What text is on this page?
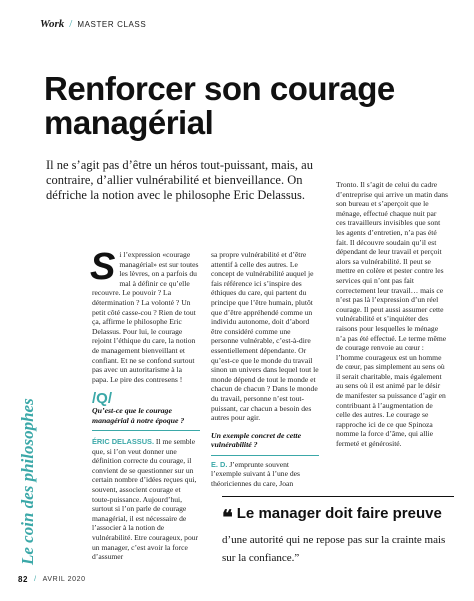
Work / MASTER CLASS
Renforcer son courage managérial

Il ne s’agit pas d’être un héros tout-puissant, mais, au contraire, d’allier vulnérabilité et bienveillance. On défriche la notion avec le philosophe Eric Delassus.

Le coin des philosophes

Si l’expression «courage managérial» est sur toutes les lèvres, on a parfois du mal à définir ce qu’elle recouvre. Le pouvoir ? La détermination ? La volonté ? Un petit côté casse-cou ? Rien de tout ça, affirme le philosophe Eric Delassus. Pour lui, le courage rejoint l’éthique du care, la notion de management bienveillant et confiant. Et ne se confond surtout pas avec un autoritarisme à la papa. Le pire des contresens !

/Q/
Qu’est-ce que le courage managérial à notre époque ?

ÉRIC DELASSUS. Il me semble que, si l’on veut donner une définition correcte du courage, il convient de se questionner sur un certain nombre d’idées reçues qui, souvent, associent courage et toute-puissance. Aujourd’hui, surtout si l’on parle de courage managérial, il est nécessaire de l’associer à la notion de vulnérabilité. Etre courageux, pour un manager, c’est avoir la force d’assumer

sa propre vulnérabilité et d’être attentif à celle des autres. Le concept de vulnérabilité auquel je fais référence ici s’inspire des éthiques du care, qui partent du principe que l’être humain, plutôt que d’être appréhendé comme un individu autonome, doit d’abord être considéré comme une personne vulnérable, c’est-à-dire essentiellement dépendante. Or qu’est-ce que le monde du travail sinon un univers dans lequel tout le monde dépend de tout le monde et chacun de chacun ? Dans le monde du travail, personne n’est tout-puissant, car chacun a besoin des autres pour agir.

Un exemple concret de cette vulnérabilité ?

E. D. J’emprunte souvent l’exemple suivant à l’une des théoriciennes du care, Joan

Tronto. Il s’agit de celui du cadre d’entreprise qui arrive un matin dans son bureau et s’aperçoit que le ménage, effectué chaque nuit par ces travailleurs invisibles que sont les agents d’entretien, n’a pas été fait. Il découvre soudain qu’il est dépendant de leur travail et perçoit alors sa vulnérabilité. Il peut se mettre en colère et pester contre les services qui n’ont pas fait correctement leur travail… mais ce n’est pas là l’expression d’un réel courage. Il peut aussi assumer cette vulnérabilité et s’inquiéter des raisons pour lesquelles le ménage n’a pas été effectué. Le terme même de courage renvoie au cœur : l’homme courageux est un homme de cœur, pas simplement au sens où il serait charitable, mais également au sens où il est animé par le désir de manifester sa puissance d’agir en contribuant à l’augmentation de celle des autres. Le courage se rapproche ici de ce que Spinoza nomme la force d’âme, qui allie fermeté et générosité.

❝ Le manager doit faire preuve d’une autorité qui ne repose pas sur la crainte mais sur la confiance.”
82 / AVRIL 2020
